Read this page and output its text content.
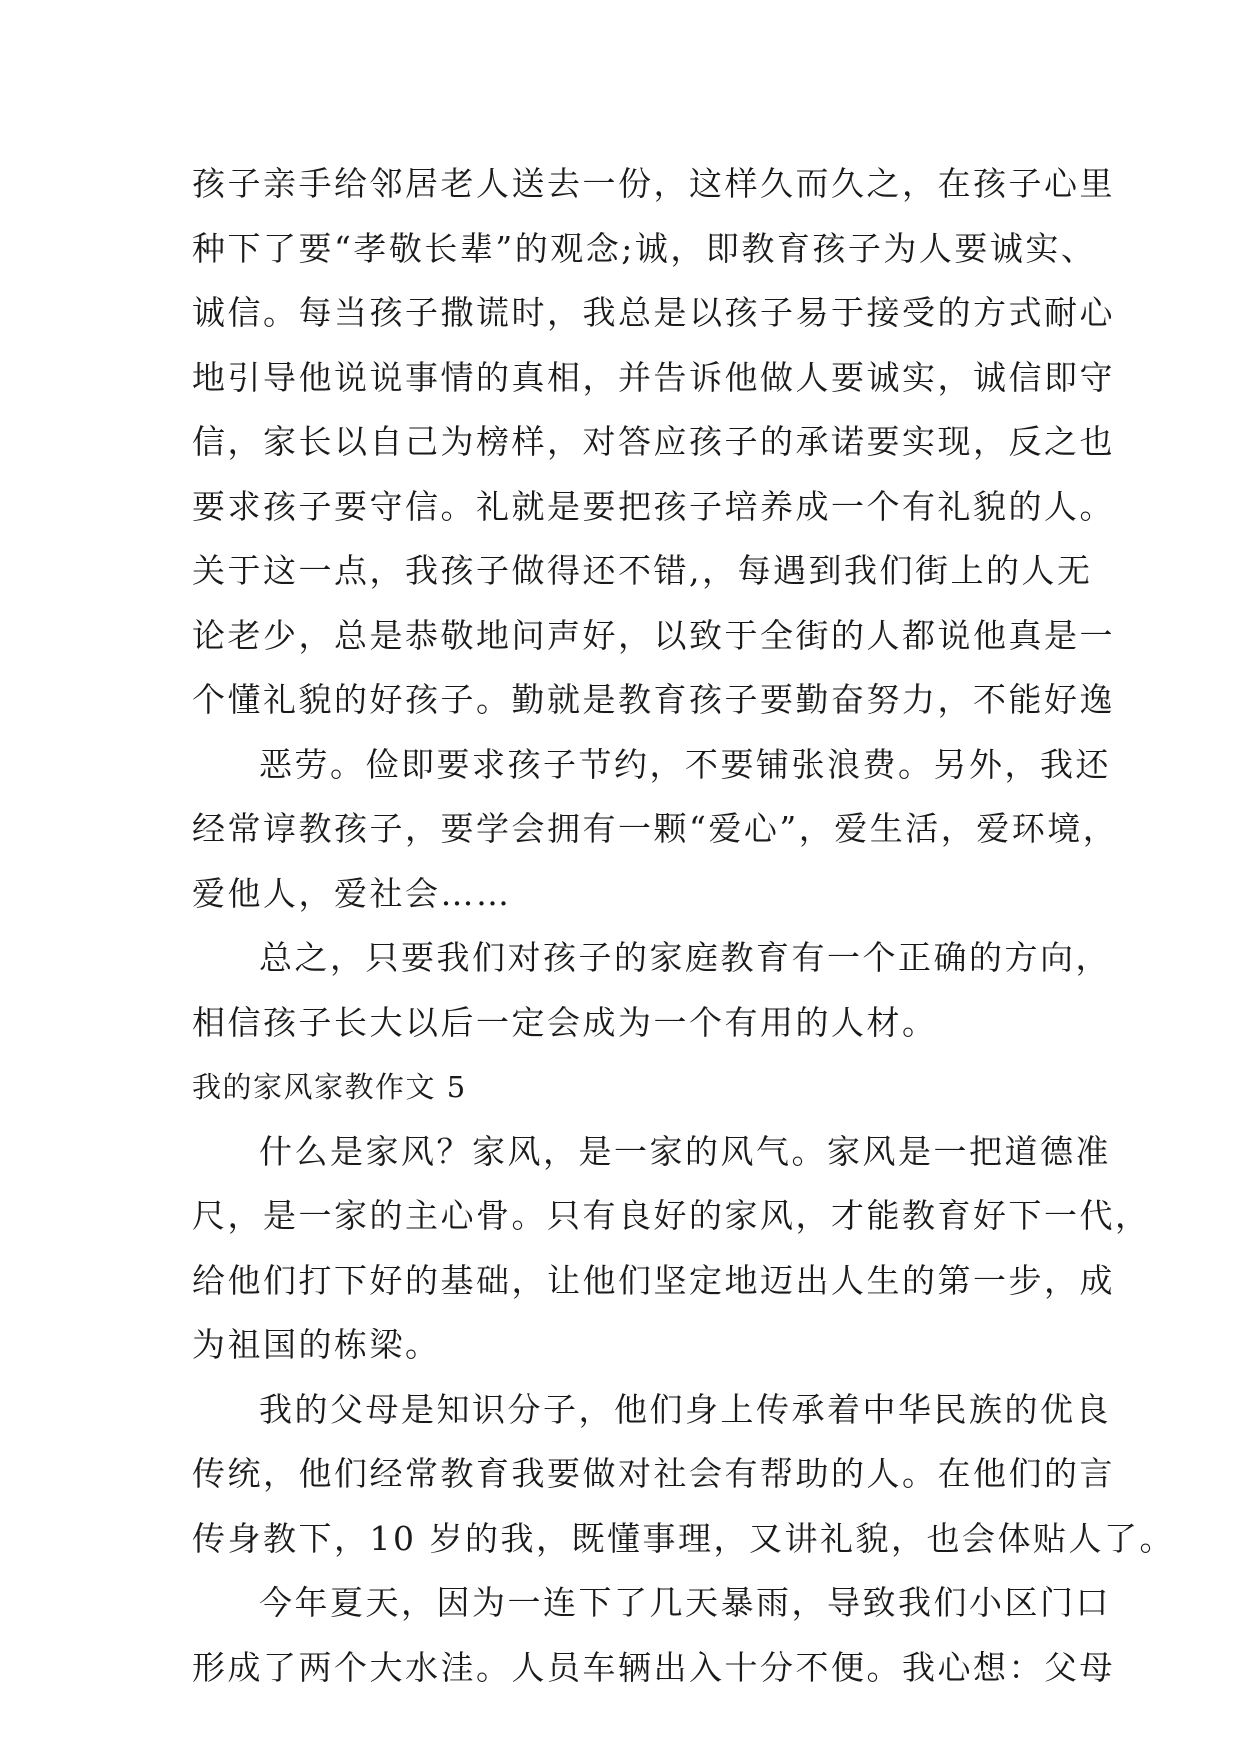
孩子亲手给邻居老人送去一份，这样久而久之，在孩子心里
种下了要“孝敬长辈”的观念;诚，即教育孩子为人要诚实、
诚信。每当孩子撒谎时，我总是以孩子易于接受的方式耐心
地引导他说说事情的真相，并告诉他做人要诚实，诚信即守
信，家长以自己为榜样，对答应孩子的承诺要实现，反之也
要求孩子要守信。礼就是要把孩子培养成一个有礼貌的人。
关于这一点，我孩子做得还不错,，每遇到我们街上的人无
论老少，总是恭敬地问声好，以致于全街的人都说他真是一
个懂礼貌的好孩子。勤就是教育孩子要勤奋努力，不能好逸
恶劳。俭即要求孩子节约，不要铺张浪费。另外，我还
经常谆教孩子，要学会拥有一颗“爱心”，爱生活，爱环境，
爱他人，爱社会……
总之，只要我们对孩子的家庭教育有一个正确的方向，
相信孩子长大以后一定会成为一个有用的人材。
我的家风家教作文 5
什么是家风？家风，是一家的风气。家风是一把道德准
尺，是一家的主心骨。只有良好的家风，才能教育好下一代，
给他们打下好的基础，让他们坚定地迈出人生的第一步，成
为祖国的栋梁。
我的父母是知识分子，他们身上传承着中华民族的优良
传统，他们经常教育我要做对社会有帮助的人。在他们的言
传身教下，10 岁的我，既懂事理，又讲礼貌，也会体贴人了。
今年夏天，因为一连下了几天暴雨，导致我们小区门口
形成了两个大水洼。人员车辆出入十分不便。我心想：父母
